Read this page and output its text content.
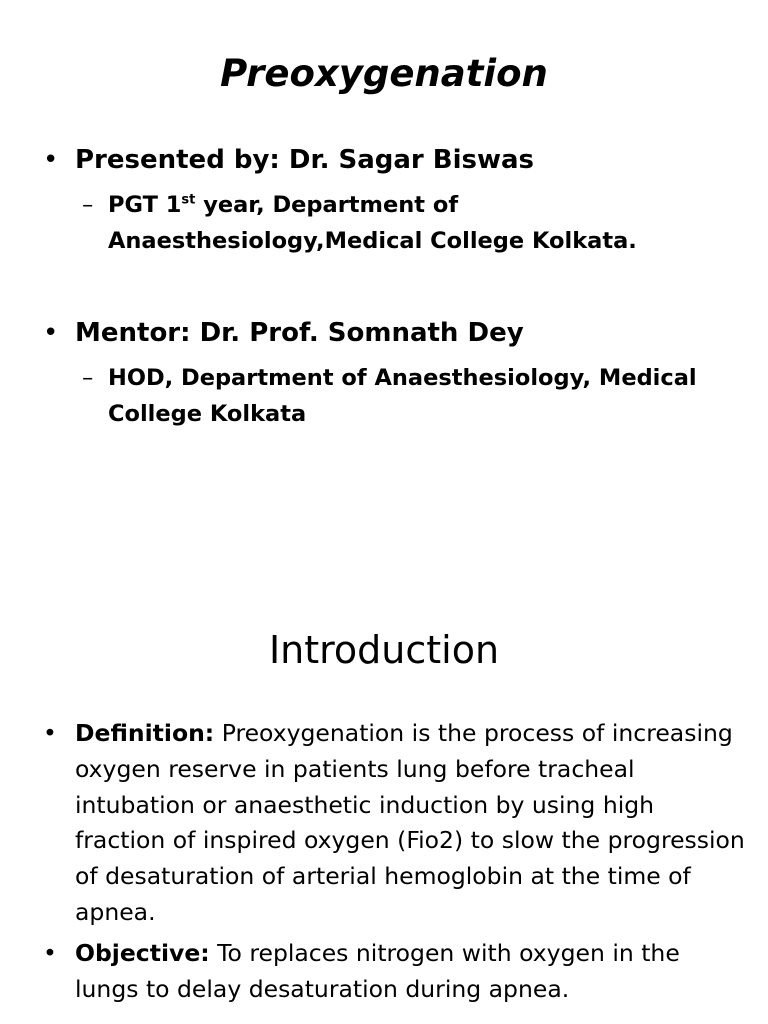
Preoxygenation
• Presented by: Dr. Sagar Biswas
– PGT 1st year, Department of Anaesthesiology,Medical College Kolkata.
• Mentor: Dr. Prof. Somnath Dey
– HOD, Department of Anaesthesiology, Medical College Kolkata
Introduction
• Definition: Preoxygenation is the process of increasing oxygen reserve in patients lung before tracheal intubation or anaesthetic induction by using high fraction of inspired oxygen (Fio2) to slow the progression of desaturation of arterial hemoglobin at the time of apnea.
• Objective: To replaces nitrogen with oxygen in the lungs to delay desaturation during apnea.
